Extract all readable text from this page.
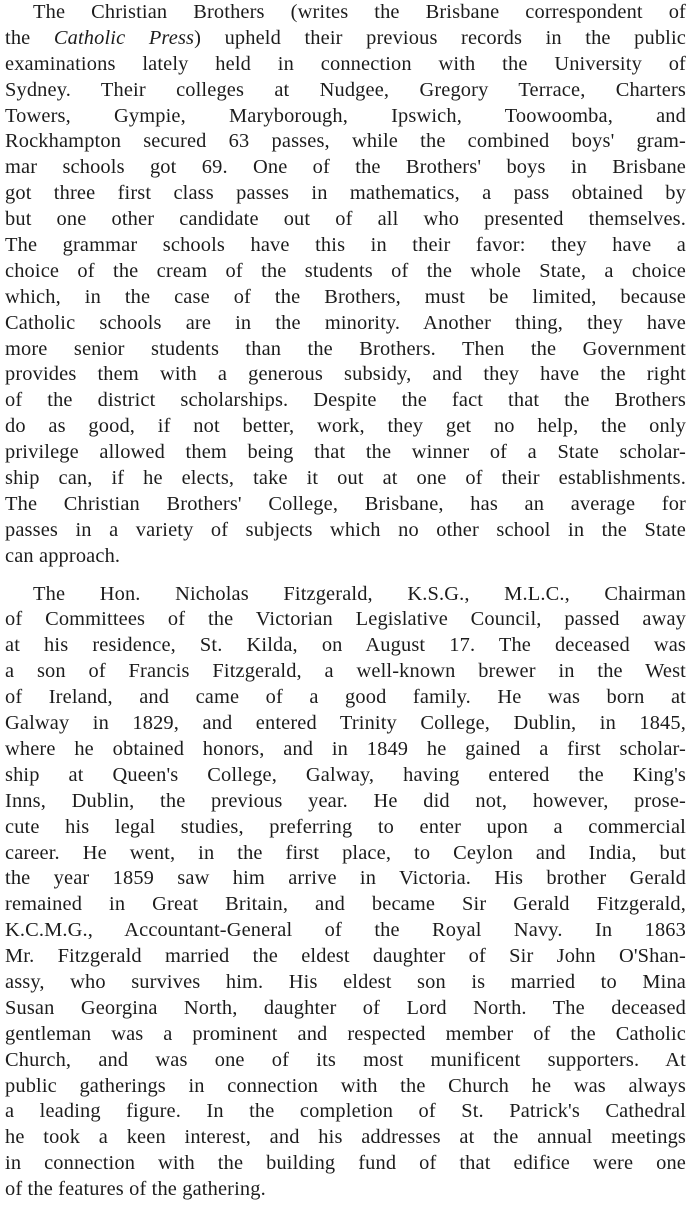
The Christian Brothers (writes the Brisbane correspondent of
the Catholic Press) upheld their previous records in the public
examinations lately held in connection with the University of
Sydney. Their colleges at Nudgee, Gregory Terrace, Charters
Towers, Gympie, Maryborough, Ipswich, Toowoomba, and
Rockhampton secured 63 passes, while the combined boys' gram-
mar schools got 69. One of the Brothers' boys in Brisbane
got three first class passes in mathematics, a pass obtained by
but one other candidate out of all who presented themselves.
The grammar schools have this in their favor: they have a
choice of the cream of the students of the whole State, a choice
which, in the case of the Brothers, must be limited, because
Catholic schools are in the minority. Another thing, they have
more senior students than the Brothers. Then the Government
provides them with a generous subsidy, and they have the right
of the district scholarships. Despite the fact that the Brothers
do as good, if not better, work, they get no help, the only
privilege allowed them being that the winner of a State scholar-
ship can, if he elects, take it out at one of their establishments.
The Christian Brothers' College, Brisbane, has an average for
passes in a variety of subjects which no other school in the State
can approach.
The Hon. Nicholas Fitzgerald, K.S.G., M.L.C., Chairman
of Committees of the Victorian Legislative Council, passed away
at his residence, St. Kilda, on August 17. The deceased was
a son of Francis Fitzgerald, a well-known brewer in the West
of Ireland, and came of a good family. He was born at
Galway in 1829, and entered Trinity College, Dublin, in 1845,
where he obtained honors, and in 1849 he gained a first scholar-
ship at Queen's College, Galway, having entered the King's
Inns, Dublin, the previous year. He did not, however, prose-
cute his legal studies, preferring to enter upon a commercial
career. He went, in the first place, to Ceylon and India, but
the year 1859 saw him arrive in Victoria. His brother Gerald
remained in Great Britain, and became Sir Gerald Fitzgerald,
K.C.M.G., Accountant-General of the Royal Navy. In 1863
Mr. Fitzgerald married the eldest daughter of Sir John O'Shan-
assy, who survives him. His eldest son is married to Mina
Susan Georgina North, daughter of Lord North. The deceased
gentleman was a prominent and respected member of the Catholic
Church, and was one of its most munificent supporters. At
public gatherings in connection with the Church he was always
a leading figure. In the completion of St. Patrick's Cathedral
he took a keen interest, and his addresses at the annual meetings
in connection with the building fund of that edifice were one
of the features of the gathering.
